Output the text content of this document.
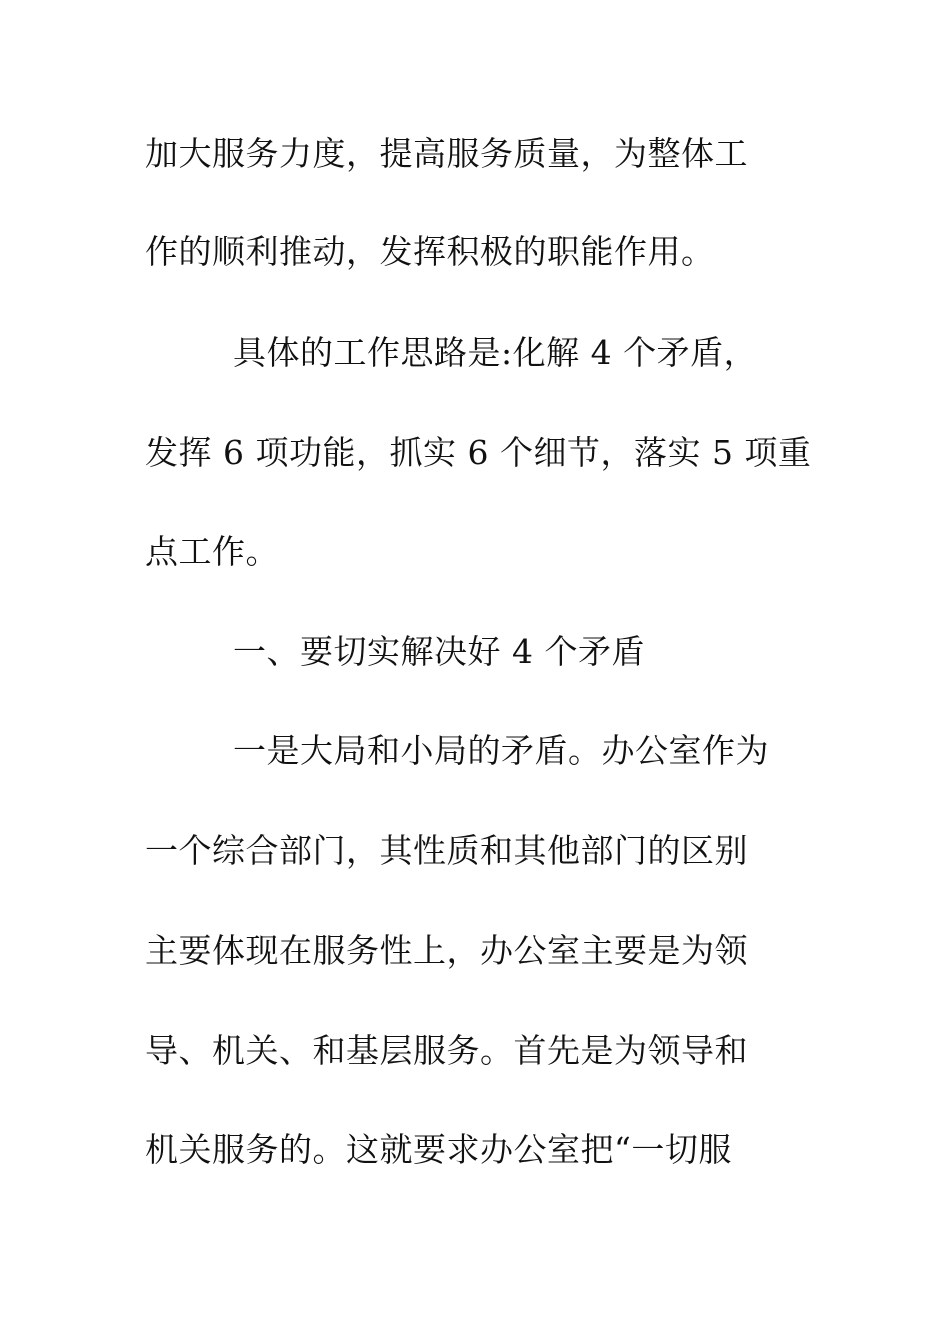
加大服务力度，提高服务质量，为整体工
作的顺利推动，发挥积极的职能作用。
具体的工作思路是:化解 4 个矛盾，
发挥 6 项功能，抓实 6 个细节，落实 5 项重
点工作。
一、要切实解决好 4 个矛盾
一是大局和小局的矛盾。办公室作为
一个综合部门，其性质和其他部门的区别
主要体现在服务性上，办公室主要是为领
导、机关、和基层服务。首先是为领导和
机关服务的。这就要求办公室把“一切服
